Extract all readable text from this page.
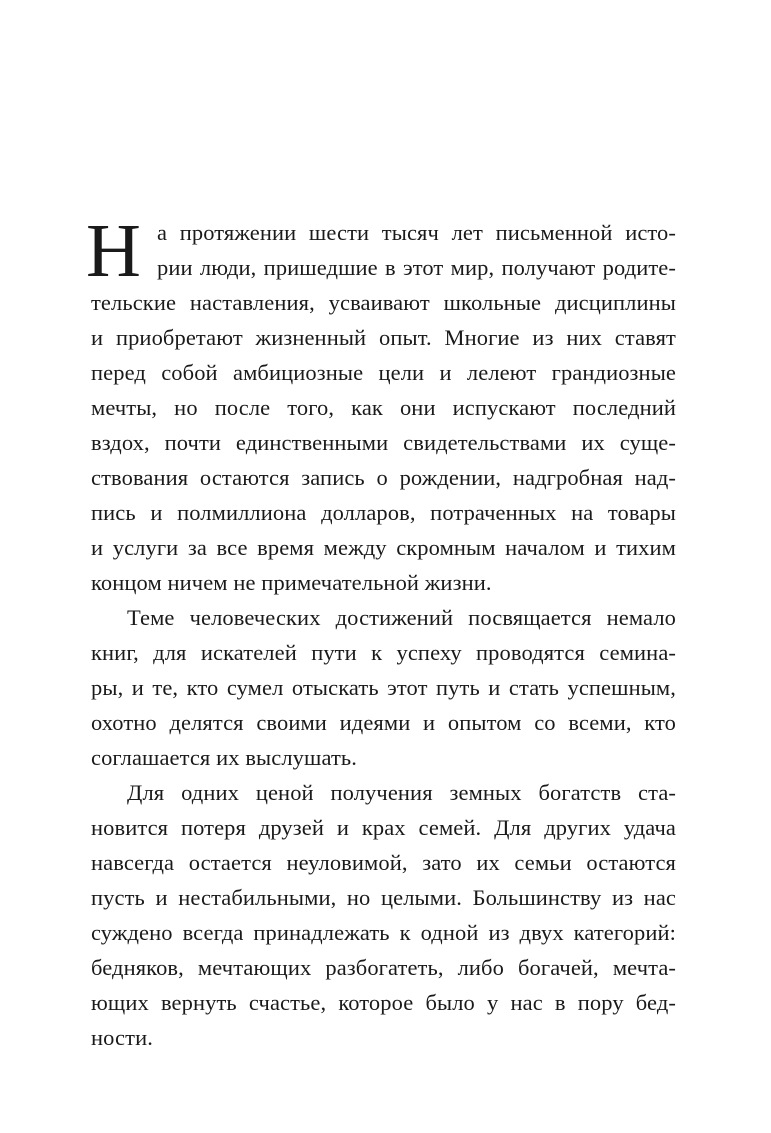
Н а протяжении шести тысяч лет письменной исто-
рии люди, пришедшие в этот мир, получают родите-
тельские наставления, усваивают школьные дисциплины
и приобретают жизненный опыт. Многие из них ставят
перед собой амбициозные цели и лелеют грандиозные
мечты, но после того, как они испускают последний
вздох, почти единственными свидетельствами их суще-
ствования остаются запись о рождении, надгробная над-
пись и полмиллиона долларов, потраченных на товары
и услуги за все время между скромным началом и тихим
концом ничем не примечательной жизни.
Теме человеческих достижений посвящается немало
книг, для искателей пути к успеху проводятся семина-
ры, и те, кто сумел отыскать этот путь и стать успешным,
охотно делятся своими идеями и опытом со всеми, кто
соглашается их выслушать.
Для одних ценой получения земных богатств ста-
новится потеря друзей и крах семей. Для других удача
навсегда остается неуловимой, зато их семьи остаются
пусть и нестабильными, но целыми. Большинству из нас
суждено всегда принадлежать к одной из двух категорий:
бедняков, мечтающих разбогатеть, либо богачей, мечта-
ющих вернуть счастье, которое было у нас в пору бед-
ности.
